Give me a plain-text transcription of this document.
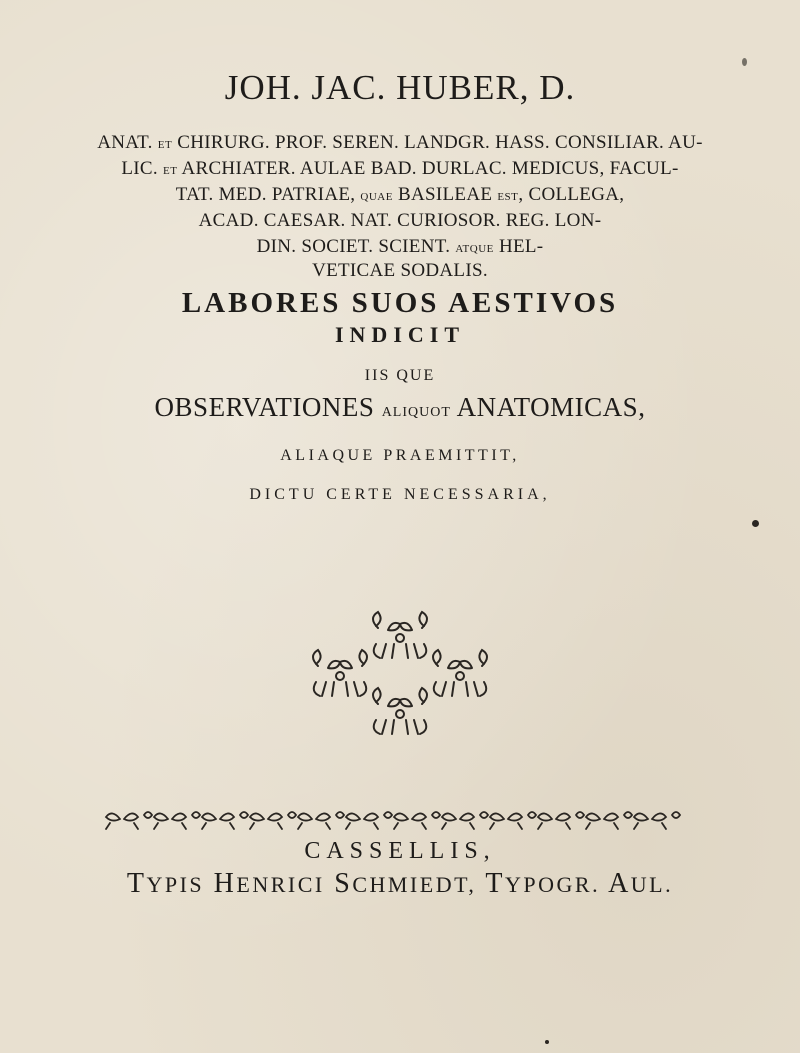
JOH. JAC. HUBER, D.
ANAT. ET CHIRURG. PROF. SEREN. LANDGR. HASS. CONSILIAR. AU-
LIC. ET ARCHIATER. AULAE BAD. DURLAC. MEDICUS, FACUL-
TAT. MED. PATRIAE, QUAE BASILEAE EST, COLLEGA,
ACAD. CAESAR. NAT. CURIOSOR. REG. LON-
DIN. SOCIET. SCIENT. ATQUE HEL-
VETICAE SODALIS.
LABORES SUOS AESTIVOS
INDICIT
IIS QUE
OBSERVATIONES ALIQUOT ANATOMICAS,
ALIAQUE PRAEMITTIT,
DICTU CERTE NECESSARIA,
CASSELLIS,
TYPIS HENRICI SCHMIEDT, TYPOGR. AUL.
